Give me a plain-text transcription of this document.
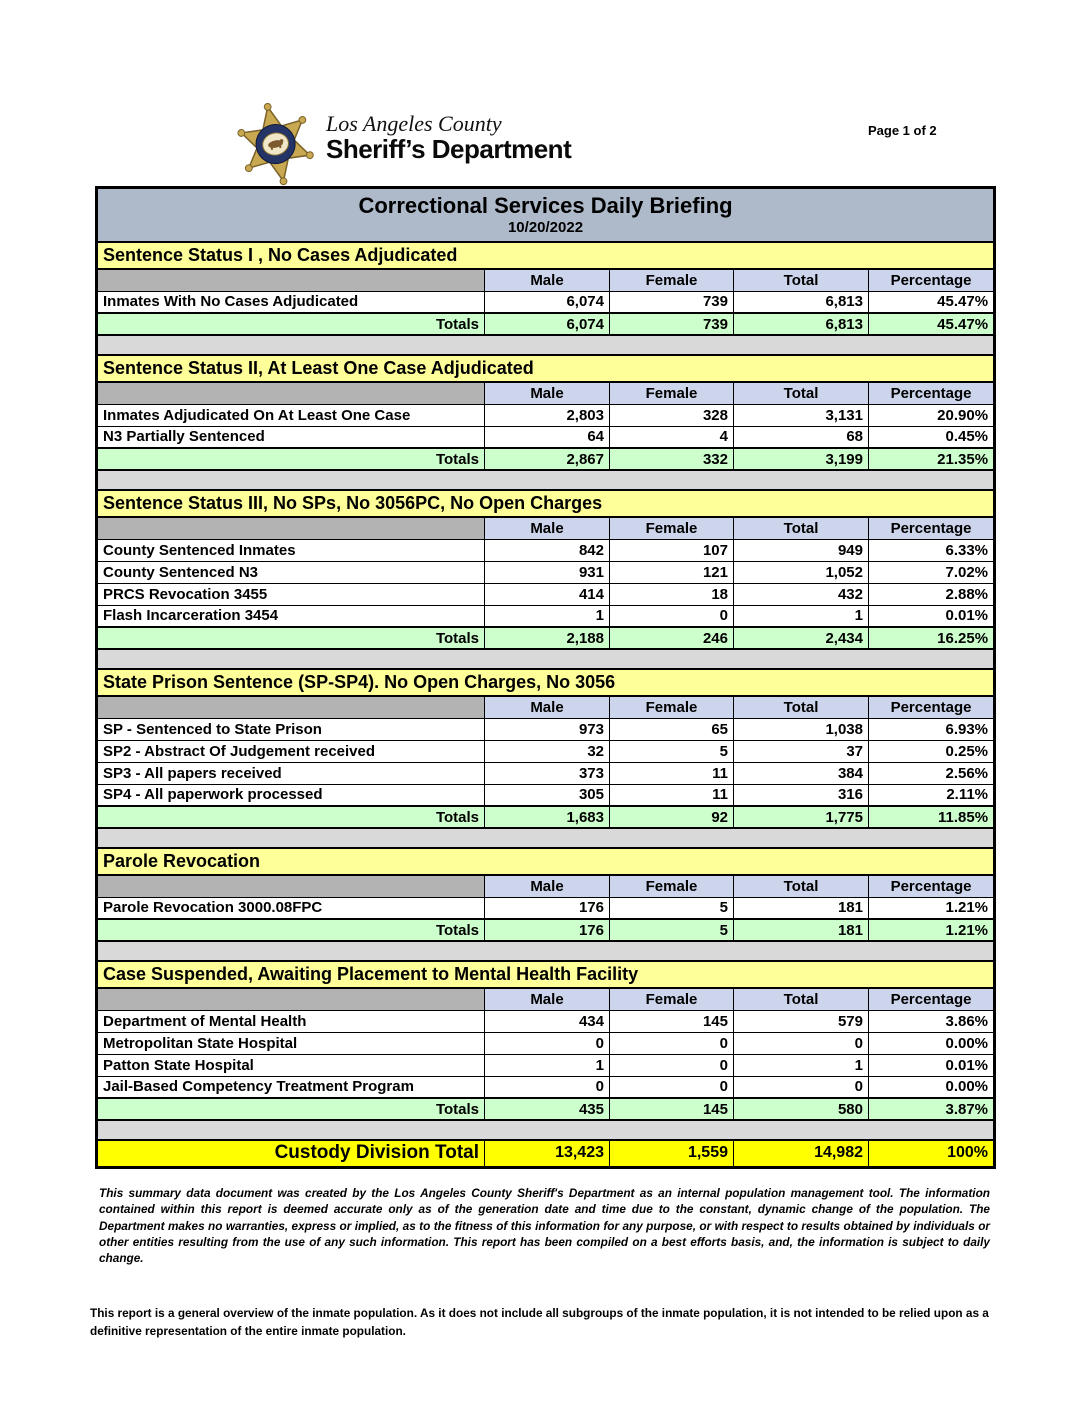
Los Angeles County
Sheriff’s Department
Page 1 of 2
Correctional Services Daily Briefing				
10/20/2022				
Sentence Status I , No Cases Adjudicated				
	Male	Female	Total	Percentage
Inmates With No Cases Adjudicated	6,074	739	6,813	45.47%
Totals	6,074	739	6,813	45.47%

Sentence Status II, At Least One Case Adjudicated				
	Male	Female	Total	Percentage
Inmates Adjudicated On At Least One Case	2,803	328	3,131	20.90%
N3 Partially Sentenced	64	4	68	0.45%
Totals	2,867	332	3,199	21.35%

Sentence Status III, No SPs, No 3056PC, No Open Charges				
	Male	Female	Total	Percentage
County Sentenced Inmates	842	107	949	6.33%
County Sentenced N3	931	121	1,052	7.02%
PRCS Revocation 3455	414	18	432	2.88%
Flash Incarceration 3454	1	0	1	0.01%
Totals	2,188	246	2,434	16.25%

State Prison Sentence (SP-SP4). No Open Charges, No 3056				
	Male	Female	Total	Percentage
SP - Sentenced to State Prison	973	65	1,038	6.93%
SP2 - Abstract Of Judgement received	32	5	37	0.25%
SP3 - All papers received	373	11	384	2.56%
SP4 - All paperwork processed	305	11	316	2.11%
Totals	1,683	92	1,775	11.85%

Parole Revocation				
	Male	Female	Total	Percentage
Parole Revocation 3000.08FPC	176	5	181	1.21%
Totals	176	5	181	1.21%

Case Suspended, Awaiting Placement to Mental Health Facility				
	Male	Female	Total	Percentage
Department of Mental Health	434	145	579	3.86%
Metropolitan State Hospital	0	0	0	0.00%
Patton State Hospital	1	0	1	0.01%
Jail-Based Competency Treatment Program	0	0	0	0.00%
Totals	435	145	580	3.87%

Custody Division Total	13,423	1,559	14,982	100%
This summary data document was created by the Los Angeles County Sheriff's Department as an internal population management tool. The information contained within this report is deemed accurate only as of the generation date and time due to the constant, dynamic change of the population. The Department makes no warranties, express or implied, as to the fitness of this information for any purpose, or with respect to results obtained by individuals or other entities resulting from the use of any such information. This report has been compiled on a best efforts basis, and, the information is subject to daily change.
This report is a general overview of the inmate population. As it does not include all subgroups of the inmate population, it is not intended to be relied upon as a definitive representation of the entire inmate population.
